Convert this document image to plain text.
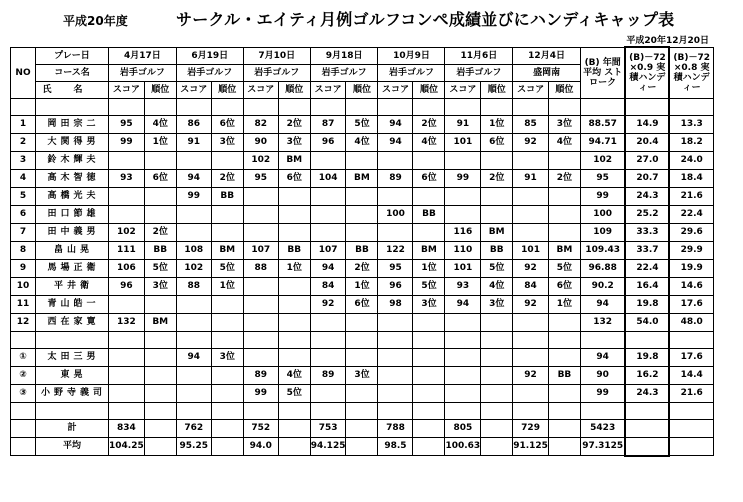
平成20年度	サークル・エイティ月例ゴルフコンペ成績並びにハンディキャップ表
平成20年12月20日
NO	プレー日	4月17日		6月19日		7月10日		9月18日		10月9日		11月6日		12月4日		(B) 年間平均 ストローク	(B)－72 ×0.9 実積ハンディー	(B)－72 ×0.8 実積ハンディー
	コース名	岩手ゴルフ		岩手ゴルフ		岩手ゴルフ		岩手ゴルフ		岩手ゴルフ		岩手ゴルフ		盛岡南				
	氏名	スコア	順位	スコア	順位	スコア	順位	スコア	順位	スコア	順位	スコア	順位	スコア	順位			

1	岡田宗二	95	4位	86	6位	82	2位	87	5位	94	2位	91	1位	85	3位	88.57	14.9	13.3
2	大関得男	99	1位	91	3位	90	3位	96	4位	94	4位	101	6位	92	4位	94.71	20.4	18.2
3	鈴木輝夫					102	BM									102	27.0	24.0
4	高木智徳	93	6位	94	2位	95	6位	104	BM	89	6位	99	2位	91	2位	95	20.7	18.4
5	高橋光夫			99	BB											99	24.3	21.6
6	田口節雄									100	BB					100	25.2	22.4
7	田中義男	102	2位									116	BM			109	33.3	29.6
8	畠山晃	111	BB	108	BM	107	BB	107	BB	122	BM	110	BB	101	BM	109.43	33.7	29.9
9	馬場正衛	106	5位	102	5位	88	1位	94	2位	95	1位	101	5位	92	5位	96.88	22.4	19.9
10	平井衛	96	3位	88	1位			84	1位	96	5位	93	4位	84	6位	90.2	16.4	14.6
11	青山皓一							92	6位	98	3位	94	3位	92	1位	94	19.8	17.6
12	西在家寛	132	BM													132	54.0	48.0

①	太田三男			94	3位											94	19.8	17.6
②	東晃					89	4位	89	3位					92	BB	90	16.2	14.4
③	小野寺義司					99	5位									99	24.3	21.6

	計	834		762		752		753		788		805		729		5423		
	平均	104.25		95.25		94.0		94.125		98.5		100.63		91.125		97.3125		
